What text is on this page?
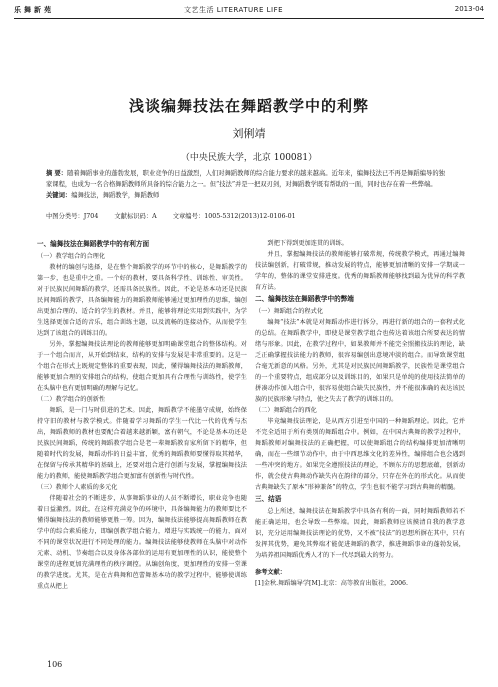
乐舞新苑	文艺生活 LITERATURE LIFE	2013-04
浅谈编舞技法在舞蹈教学中的利弊
刘俐靖
（中央民族大学，北京 100081）
摘 要：随着舞蹈事业的蓬勃发展，职业竞争的日益激烈，人们对舞蹈教师的综合能力要求的越来越高。近年来，编舞技法已不再是舞蹈编导的独家课程，也成为一名合格舞蹈教师所具备的综合能力之一。但“技法”并是一把双刃剑，对舞蹈教学既有帮助的一面，同时也存在着一些弊端。
关键词：编舞技法，舞蹈教学，舞蹈教师
中图分类号：J704	文献标识码：A	文章编号：1005-5312(2013)12-0106-01
一、编舞技法在舞蹈教学中的有利方面
（一）教学组合的合理化

教材的编创与选择，是在整个舞蹈教学的环节中的核心，是舞蹈教学的第一步，也是重中之重。一个好的教材，要具备科学性、训练性、审美性。对于民族民间舞蹈的教学，还需具备民族性。因此，不论是基本功还是民族民间舞蹈的教学，具备编舞能力的舞蹈教师能够通过更加理性的思维，编创出更加合理的、适合的学生的教材。并且，能够将理论实用到实践中，为学生选择更加合适的音乐，组合训练主题，以及流畅的连接动作，从而使学生达到了该组合的训练目的。

另外，掌握编舞技法理论的教师能够更加明确课堂组合的整体结构。对于一个组合而言，从开始到结束，结构的安排与发展是非常重要的。这是一个组合在形式上既规定整体的重要表现，因此，懂得编舞技法的舞蹈教师，能够更加合理的安排组合的结构，使组合更加具有合理性与训练性，使学生在头脑中也有更加明确的理解与记忆。

（二）教学组合的创新性

舞蹈，是一门与时俱进的艺术。因此，舞蹈教学不能墨守成规，始终保持守旧的教材与教学模式。伴随着学习舞蹈的学生一代比一代的优秀与杰出，舞蹈教师的教材也要配合着越来越新颖，富有朝气，不论是基本功还是民族民间舞蹈，传统的舞蹈教学组合是老一辈舞蹈教育家所留下的精华，但随着时代的发展，舞蹈动作的日益丰富，优秀的舞蹈教师要懂得取其精华，在保留与传承其精华的基础上，还要对组合进行创新与发展，掌握编舞技法能力的教师，能使舞蹈教学组合更加富有创新性与时代性。

（三）教师个人素质的多元化

伴随着社会的不断进步，从事舞蹈事业的人员不断增长，职业竞争也随着日益激烈。因此，在这样充满竞争的环境中，具备编舞能力的教师要比不懂得编舞技法的教师能够更胜一筹。因为，编舞技法能够提高舞蹈教师在教学中的综合素质能力，即编创教学组合能力，增进与实践统一的能力，面对不同的课堂状况进行不同处理的能力。编舞技法能够使教师在头脑中对动作元素、动机、节奏组合以及身体各部位的运用有更加理性的认识，能使整个课堂的进程更加充满理性的秩序调控。从编创角度，更加理性的安排一堂课的教学进度。尤其，是在古典舞和芭蕾舞基本功的教学过程中，能够使训练重点从把上

到把下得到更加连贯的训练。

并且，掌握编舞技法的教师能够打破常规，传统教学模式，再通过编舞技法编创新，打破常规，推动发展的特点，能够更加清晰的安排一学期或一学年的，整体的课堂安排进度。优秀的舞蹈教师能够找到最为优异的科学教育方法。

二、编舞技法在舞蹈教学中的弊端
（一）舞蹈组合的程式化

编舞“技法”本就是对舞蹈动作进行拆分，再进行新的组合的一套程式化的总结。在舞蹈教学中，即使是课堂教学组合也传达着该组合所要表达的情绪与形象。因此，在教学过程中，如果教师并不能完全照搬技法的理论，缺乏正确掌握技法能力的教师，很容易编创出意境冲淡的组合。而导致课堂组合毫无新意的风格。另外，尤其是对民族民间舞蹈教学，民族性是课堂组合的一个重要特点，组成部分以及训练目的，如果只是单纯的使用技法简单的拼凑动作加入组合中，很容易使组合缺失民族性，并不能很准确的表达该民族的民族形象与特点，使之失去了教学的训练目的。

（二）舞蹈组合的西化

毕竟编舞技法理论，是从西方引进至中国的一种舞蹈理论。因此，它并不完全适用于所有类别的舞蹈组合中。例如，在中国古典舞的教学过程中，舞蹈教师对编舞技法的正确把握，可以使舞蹈组合的结构编排更加清晰明确，而在一些细节动作中，由于中西思维文化的差异性，编排组合也会遇到一些冲突的地方。如果完全遵照技法的理论，不顾东方的思想底蕴，创新动作，就会使古典舞动作缺失内在韵律的部分，只存在外在的形式化。从而使古典舞缺失了原本“形神兼备”的特点，学生也很不能学习到古典舞的精髓。

三、结语

总上所述，编舞技法在舞蹈教学中具备有利的一面，同时舞蹈教师若不能正确运用，也会导致一些弊端。因此，舞蹈教师应该摸清自我的教学意识，充分运用编舞技法理论的优势，又不被“技法”的思想所摒在其中，只有发挥其优势，避免其弊端才能促进舞蹈的教学，推进舞蹈事业的蓬勃发展，为培养祖国舞蹈优秀人才的下一代尽到最大的努力。

参考文献：
[1]金秋.舞蹈编导学[M].北京：高等教育出版社，2006.
106
